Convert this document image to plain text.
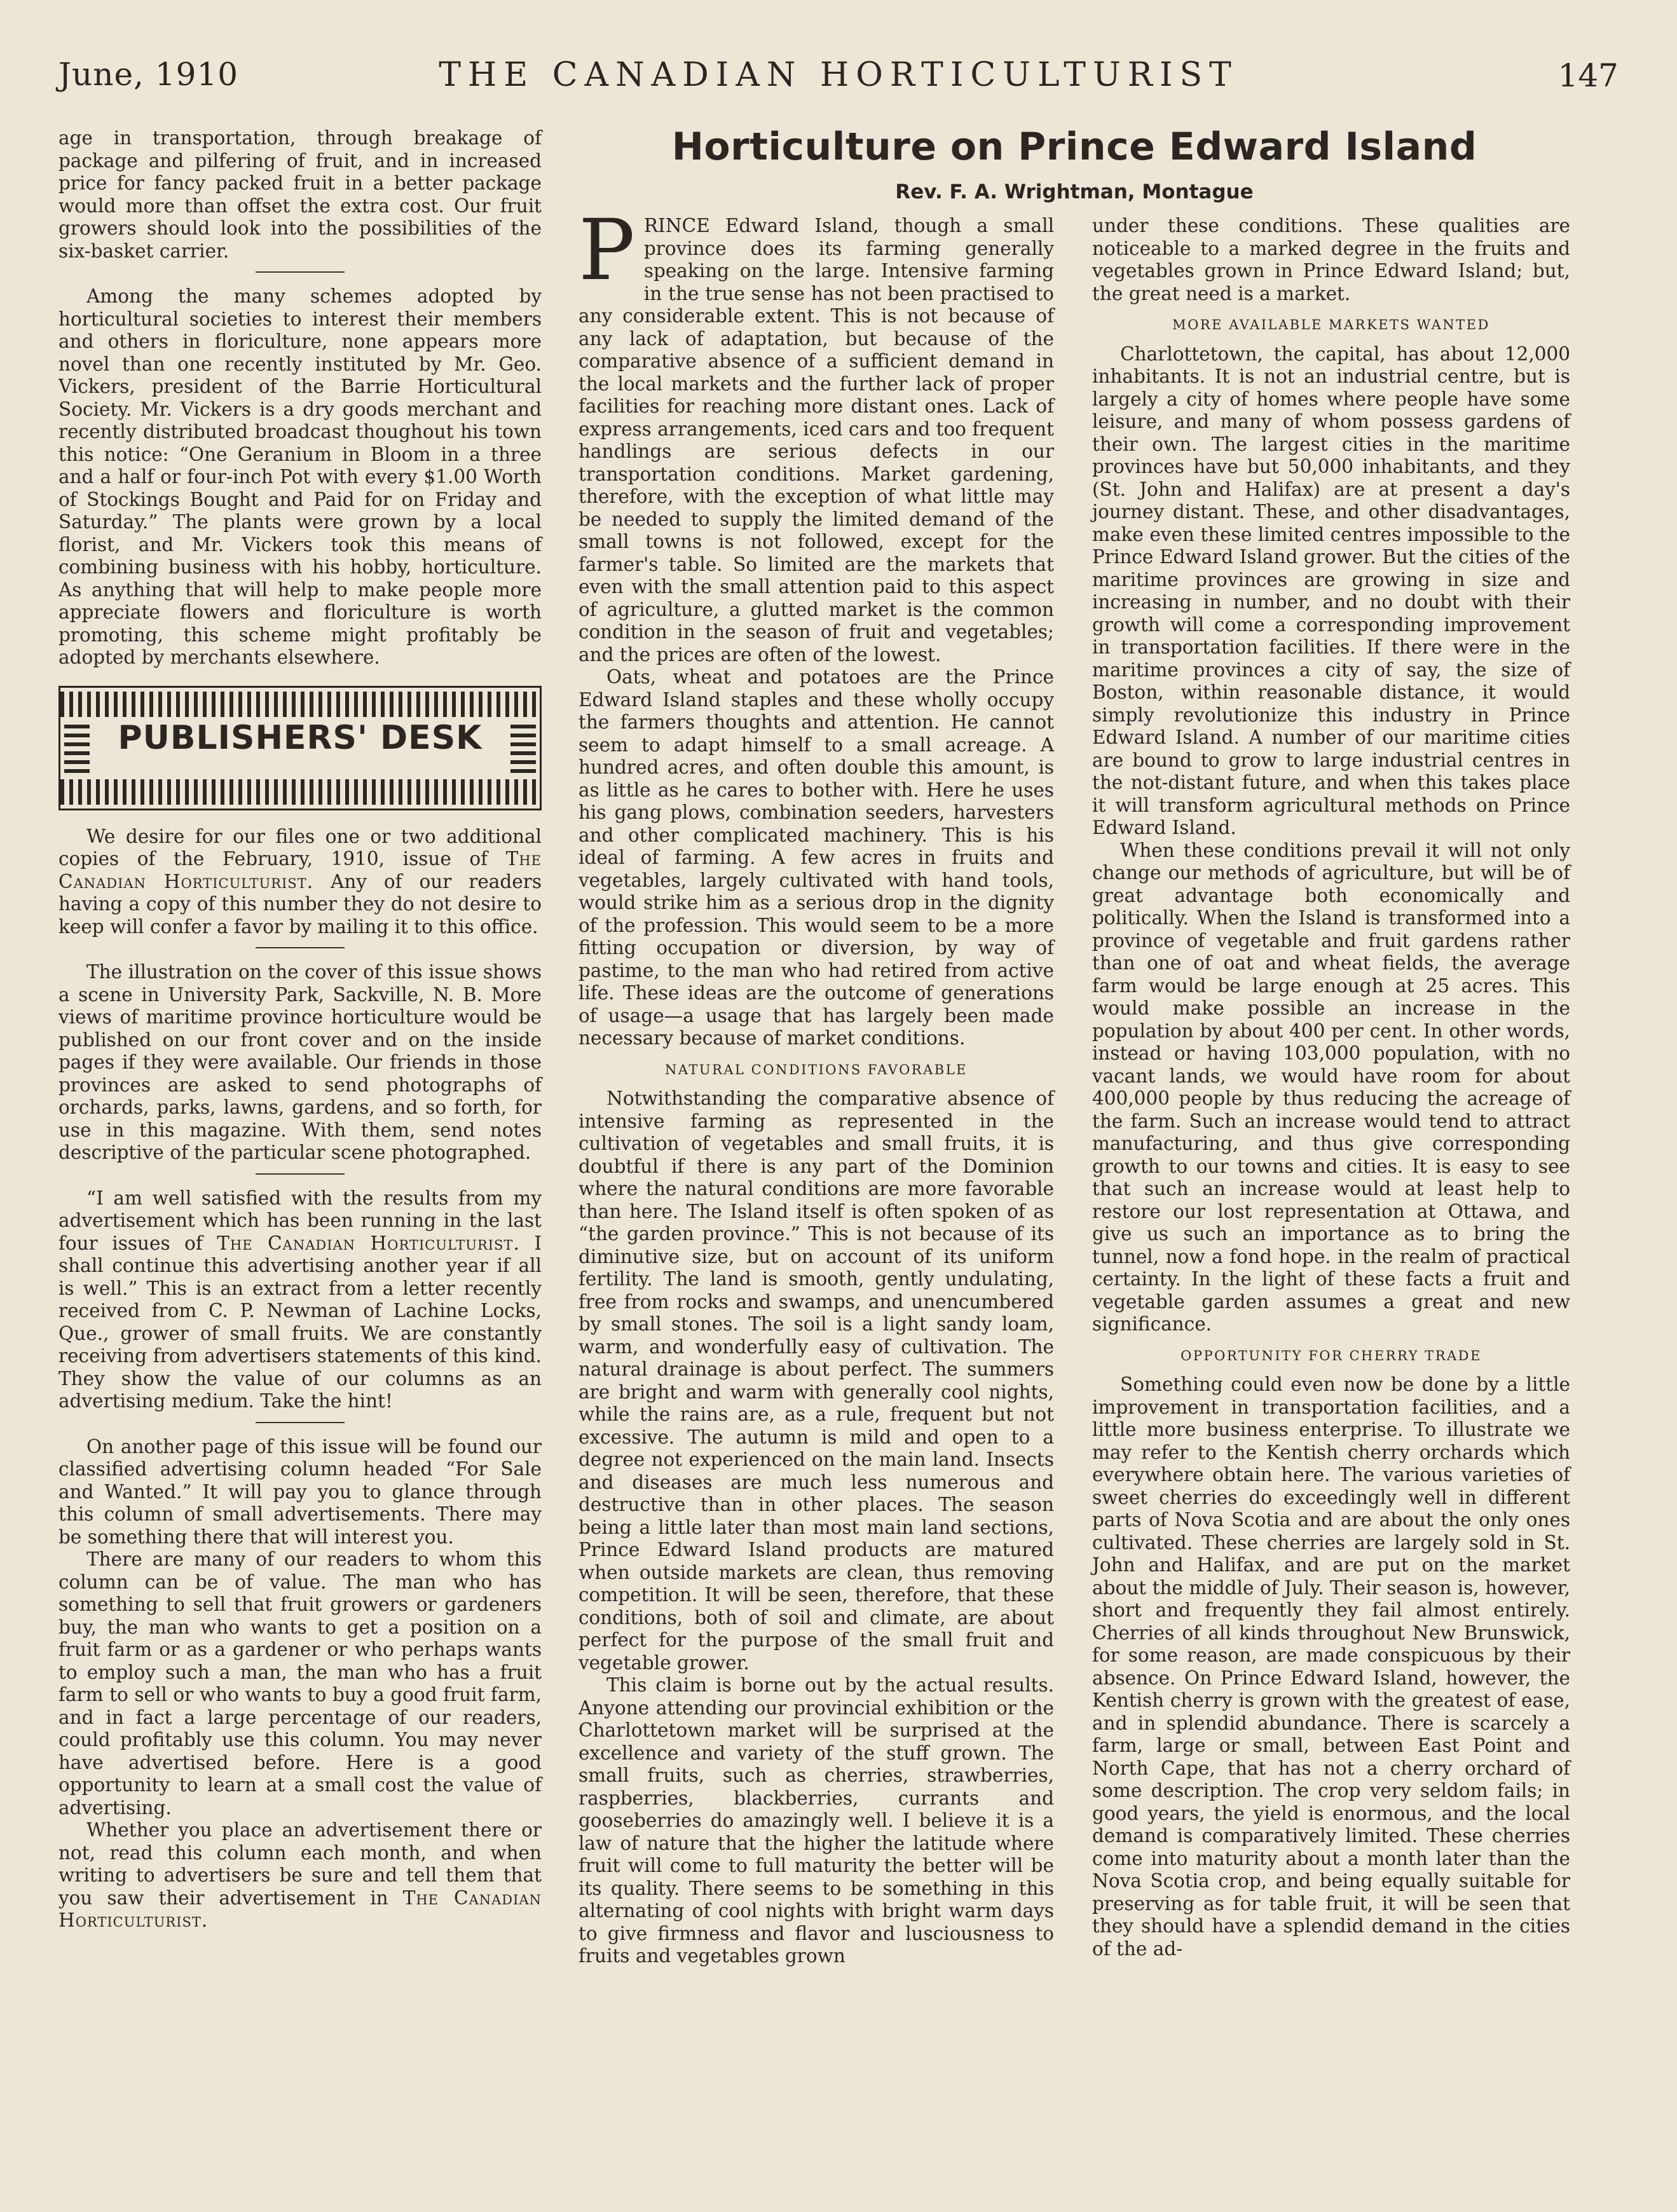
June, 1910	THE CANADIAN HORTICULTURIST	147

age in transportation, through breakage of package and pilfering of fruit, and in increased price for fancy packed fruit in a better package would more than offset the extra cost. Our fruit growers should look into the possibilities of the six-basket carrier.

Among the many schemes adopted by horticultural societies to interest their members and others in floriculture, none appears more novel than one recently instituted by Mr. Geo. Vickers, president of the Barrie Horticultural Society. Mr. Vickers is a dry goods merchant and recently distributed broadcast thoughout his town this notice: “One Geranium in Bloom in a three and a half or four-inch Pot with every $1.00 Worth of Stockings Bought and Paid for on Friday and Saturday.” The plants were grown by a local florist, and Mr. Vickers took this means of combining business with his hobby, horticulture. As anything that will help to make people more appreciate flowers and floriculture is worth promoting, this scheme might profitably be adopted by merchants elsewhere.

PUBLISHERS' DESK

We desire for our files one or two additional copies of the February, 1910, issue of The Canadian Horticulturist. Any of our readers having a copy of this number they do not desire to keep will confer a favor by mailing it to this office.

The illustration on the cover of this issue shows a scene in University Park, Sackville, N. B. More views of maritime province horticulture would be published on our front cover and on the inside pages if they were available. Our friends in those provinces are asked to send photographs of orchards, parks, lawns, gardens, and so forth, for use in this magazine. With them, send notes descriptive of the particular scene photographed.

“I am well satisfied with the results from my advertisement which has been running in the last four issues of The Canadian Horticulturist. I shall continue this advertising another year if all is well.” This is an extract from a letter recently received from C. P. Newman of Lachine Locks, Que., grower of small fruits. We are constantly receiving from advertisers statements of this kind. They show the value of our columns as an advertising medium. Take the hint!

On another page of this issue will be found our classified advertising column headed “For Sale and Wanted.” It will pay you to glance through this column of small advertisements. There may be something there that will interest you.

There are many of our readers to whom this column can be of value. The man who has something to sell that fruit growers or gardeners buy, the man who wants to get a position on a fruit farm or as a gardener or who perhaps wants to employ such a man, the man who has a fruit farm to sell or who wants to buy a good fruit farm, and in fact a large percentage of our readers, could profitably use this column. You may never have advertised before. Here is a good opportunity to learn at a small cost the value of advertising.

Whether you place an advertisement there or not, read this column each month, and when writing to advertisers be sure and tell them that you saw their advertisement in The Canadian Horticulturist.

Horticulture on Prince Edward Island
Rev. F. A. Wrightman, Montague

P RINCE Edward Island, though a small province does its farming generally speaking on the large. Intensive farming in the true sense has not been practised to any considerable extent. This is not because of any lack of adaptation, but because of the comparative absence of a sufficient demand in the local markets and the further lack of proper facilities for reaching more distant ones. Lack of express arrangements, iced cars and too frequent handlings are serious defects in our transportation conditions. Market gardening, therefore, with the exception of what little may be needed to supply the limited demand of the small towns is not followed, except for the farmer's table. So limited are the markets that even with the small attention paid to this aspect of agriculture, a glutted market is the common condition in the season of fruit and vegetables; and the prices are often of the lowest.

Oats, wheat and potatoes are the Prince Edward Island staples and these wholly occupy the farmers thoughts and attention. He cannot seem to adapt himself to a small acreage. A hundred acres, and often double this amount, is as little as he cares to bother with. Here he uses his gang plows, combination seeders, harvesters and other complicated machinery. This is his ideal of farming. A few acres in fruits and vegetables, largely cultivated with hand tools, would strike him as a serious drop in the dignity of the profession. This would seem to be a more fitting occupation or diversion, by way of pastime, to the man who had retired from active life. These ideas are the outcome of generations of usage—a usage that has largely been made necessary because of market conditions.

NATURAL CONDITIONS FAVORABLE

Notwithstanding the comparative absence of intensive farming as represented in the cultivation of vegetables and small fruits, it is doubtful if there is any part of the Dominion where the natural conditions are more favorable than here. The Island itself is often spoken of as “the garden province.” This is not because of its diminutive size, but on account of its uniform fertility. The land is smooth, gently undulating, free from rocks and swamps, and unencumbered by small stones. The soil is a light sandy loam, warm, and wonderfully easy of cultivation. The natural drainage is about perfect. The summers are bright and warm with generally cool nights, while the rains are, as a rule, frequent but not excessive. The autumn is mild and open to a degree not experienced on the main land. Insects and diseases are much less numerous and destructive than in other places. The season being a little later than most main land sections, Prince Edward Island products are matured when outside markets are clean, thus removing competition. It will be seen, therefore, that these conditions, both of soil and climate, are about perfect for the purpose of the small fruit and vegetable grower.

This claim is borne out by the actual results. Anyone attending our provincial exhibition or the Charlottetown market will be surprised at the excellence and variety of the stuff grown. The small fruits, such as cherries, strawberries, raspberries, blackberries, currants and gooseberries do amazingly well. I believe it is a law of nature that the higher the latitude where fruit will come to full maturity the better will be its quality. There seems to be something in this alternating of cool nights with bright warm days to give firmness and flavor and lusciousness to fruits and vegetables grown

under these conditions. These qualities are noticeable to a marked degree in the fruits and vegetables grown in Prince Edward Island; but, the great need is a market.

MORE AVAILABLE MARKETS WANTED

Charlottetown, the capital, has about 12,000 inhabitants. It is not an industrial centre, but is largely a city of homes where people have some leisure, and many of whom possess gardens of their own. The largest cities in the maritime provinces have but 50,000 inhabitants, and they (St. John and Halifax) are at present a day's journey distant. These, and other disadvantages, make even these limited centres impossible to the Prince Edward Island grower. But the cities of the maritime provinces are growing in size and increasing in number, and no doubt with their growth will come a corresponding improvement in transportation facilities. If there were in the maritime provinces a city of say, the size of Boston, within reasonable distance, it would simply revolutionize this industry in Prince Edward Island. A number of our maritime cities are bound to grow to large industrial centres in the not-distant future, and when this takes place it will transform agricultural methods on Prince Edward Island.

When these conditions prevail it will not only change our methods of agriculture, but will be of great advantage both economically and politically. When the Island is transformed into a province of vegetable and fruit gardens rather than one of oat and wheat fields, the average farm would be large enough at 25 acres. This would make possible an increase in the population by about 400 per cent. In other words, instead or having 103,000 population, with no vacant lands, we would have room for about 400,000 people by thus reducing the acreage of the farm. Such an increase would tend to attract manufacturing, and thus give corresponding growth to our towns and cities. It is easy to see that such an increase would at least help to restore our lost representation at Ottawa, and give us such an importance as to bring the tunnel, now a fond hope. in the realm of practical certainty. In the light of these facts a fruit and vegetable garden assumes a great and new significance.

OPPORTUNITY FOR CHERRY TRADE

Something could even now be done by a little improvement in transportation facilities, and a little more business enterprise. To illustrate we may refer to the Kentish cherry orchards which everywhere obtain here. The various varieties of sweet cherries do exceedingly well in different parts of Nova Scotia and are about the only ones cultivated. These cherries are largely sold in St. John and Halifax, and are put on the market about the middle of July. Their season is, however, short and frequently they fail almost entirely. Cherries of all kinds throughout New Brunswick, for some reason, are made conspicuous by their absence. On Prince Edward Island, however, the Kentish cherry is grown with the greatest of ease, and in splendid abundance. There is scarcely a farm, large or small, between East Point and North Cape, that has not a cherry orchard of some description. The crop very seldom fails; in good years, the yield is enormous, and the local demand is comparatively limited. These cherries come into maturity about a month later than the Nova Scotia crop, and being equally suitable for preserving as for table fruit, it will be seen that they should have a splendid demand in the cities of the ad-
